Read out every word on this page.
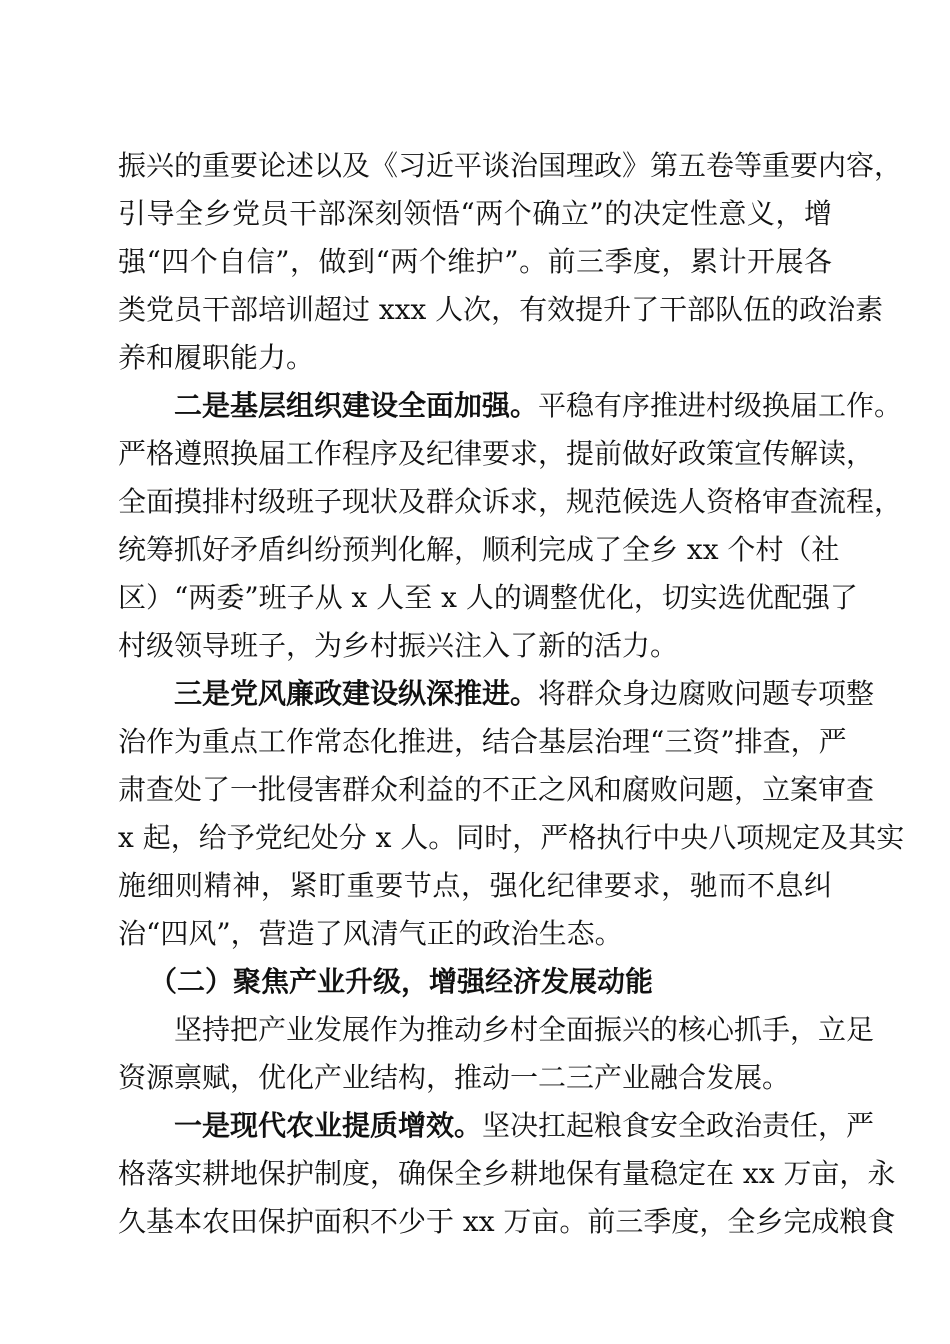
振兴的重要论述以及《习近平谈治国理政》第五卷等重要内容，
引导全乡党员干部深刻领悟“两个确立”的决定性意义，增
强“四个自信”，做到“两个维护”。前三季度，累计开展各
类党员干部培训超过 xxx 人次，有效提升了干部队伍的政治素
养和履职能力。
二是基层组织建设全面加强。平稳有序推进村级换届工作。
严格遵照换届工作程序及纪律要求，提前做好政策宣传解读，
全面摸排村级班子现状及群众诉求，规范候选人资格审查流程，
统筹抓好矛盾纠纷预判化解，顺利完成了全乡 xx 个村（社
区）“两委”班子从 x 人至 x 人的调整优化，切实选优配强了
村级领导班子，为乡村振兴注入了新的活力。
三是党风廉政建设纵深推进。将群众身边腐败问题专项整
治作为重点工作常态化推进，结合基层治理“三资”排查，严
肃查处了一批侵害群众利益的不正之风和腐败问题，立案审查
x 起，给予党纪处分 x 人。同时，严格执行中央八项规定及其实
施细则精神，紧盯重要节点，强化纪律要求，驰而不息纠
治“四风”，营造了风清气正的政治生态。
（二）聚焦产业升级，增强经济发展动能
坚持把产业发展作为推动乡村全面振兴的核心抓手，立足
资源禀赋，优化产业结构，推动一二三产业融合发展。
一是现代农业提质增效。坚决扛起粮食安全政治责任，严
格落实耕地保护制度，确保全乡耕地保有量稳定在 xx 万亩，永
久基本农田保护面积不少于 xx 万亩。前三季度，全乡完成粮食
